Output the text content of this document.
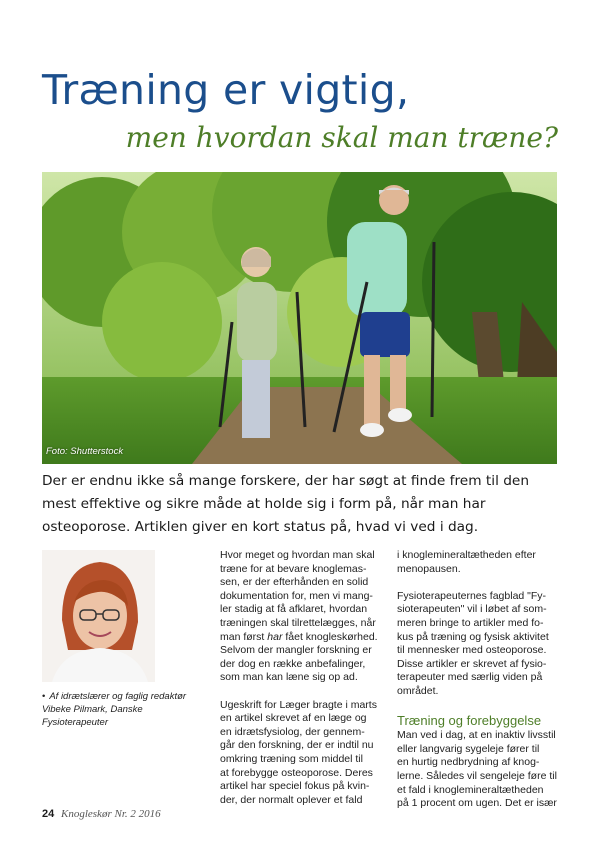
Træning er vigtig,
men hvordan skal man træne?
Foto: Shutterstock

Der er endnu ikke så mange forskere, der har søgt at finde frem til den mest effektive og sikre måde at holde sig i form på, når man har osteoporose. Artiklen giver en kort status på, hvad vi ved i dag.

• Af idrætslærer og faglig redaktør Vibeke Pilmark, Danske Fysioterapeuter

Hvor meget og hvordan man skal
træne for at bevare knoglemas-
sen, er der efterhånden en solid
dokumentation for, men vi mang-
ler stadig at få afklaret, hvordan
træningen skal tilrettelægges, når
man først har fået knogleskørhed.
Selvom der mangler forskning er
der dog en række anbefalinger,
som man kan læne sig op ad.

Ugeskrift for Læger bragte i marts
en artikel skrevet af en læge og
en idrætsfysiolog, der gennem-
går den forskning, der er indtil nu
omkring træning som middel til
at forebygge osteoporose. Deres
artikel har speciel fokus på kvin-
der, der normalt oplever et fald

i knoglemineraltætheden efter
menopausen.

Fysioterapeuternes fagblad "Fy-
sioterapeuten" vil i løbet af som-
meren bringe to artikler med fo-
kus på træning og fysisk aktivitet
til mennesker med osteoporose.
Disse artikler er skrevet af fysio-
terapeuter med særlig viden på
området.

Træning og forebyggelse

Man ved i dag, at en inaktiv livsstil
eller langvarig sygeleje fører til
en hurtig nedbrydning af knog-
lerne. Således vil sengeleje føre til
et fald i knoglemineraltætheden
på 1 procent om ugen. Det er især

24 Knogleskør Nr. 2 2016
